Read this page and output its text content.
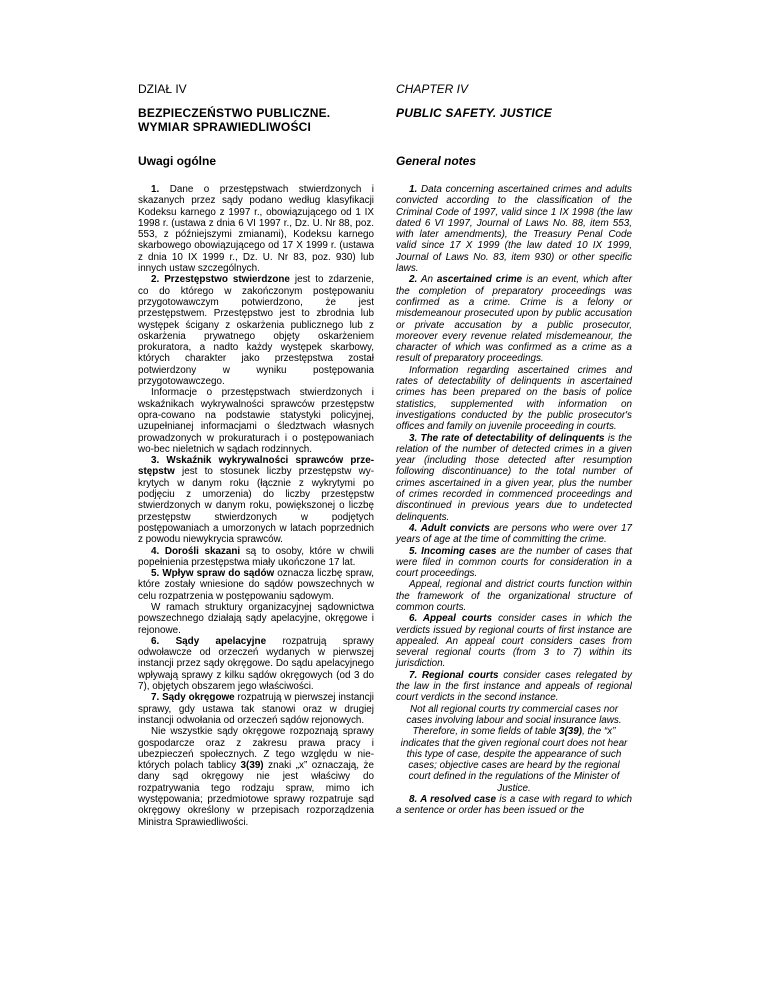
DZIAŁ IV

BEZPIECZEŃSTWO PUBLICZNE.
WYMIAR SPRAWIEDLIWOŚCI

Uwagi ogólne

1. Dane o przestępstwach stwierdzonych i skazanych przez sądy podano według klasyfikacji Kodeksu karnego z 1997 r., obowiązującego od 1 IX 1998 r. (ustawa z dnia 6 VI 1997 r., Dz. U. Nr 88, poz. 553, z późniejszymi zmianami), Kodeksu karnego skarbowego obowiązującego od 17 X 1999 r. (ustawa z dnia 10 IX 1999 r., Dz. U. Nr 83, poz. 930) lub innych ustaw szczególnych.

2. Przestępstwo stwierdzone jest to zdarzenie, co do którego w zakończonym postępowaniu przygotowawczym potwierdzono, że jest przestępstwem. Przestępstwo jest to zbrodnia lub występek ścigany z oskarżenia publicznego lub z oskarżenia prywatnego objęty oskarżeniem prokuratora, a nadto każdy występek skarbowy, których charakter jako przestępstwa został potwierdzony w wyniku postępowania przygotowawczego.

Informacje o przestępstwach stwierdzonych i wskaźnikach wykrywalności sprawców przestępstw opra-cowano na podstawie statystyki policyjnej, uzupełnianej informacjami o śledztwach własnych prowadzonych w prokuraturach i o postępowaniach wo-bec nieletnich w sądach rodzinnych.

3. Wskaźnik wykrywalności sprawców prze-stępstw jest to stosunek liczby przestępstw wy-krytych w danym roku (łącznie z wykrytymi po podjęciu z umorzenia) do liczby przestępstw stwierdzonych w danym roku, powiększonej o liczbę przestępstw stwierdzonych w podjętych postępowaniach a umorzonych w latach poprzednich z powodu niewykrycia sprawców.

4. Dorośli skazani są to osoby, które w chwili popełnienia przestępstwa miały ukończone 17 lat.

5. Wpływ spraw do sądów oznacza liczbę spraw, które zostały wniesione do sądów powszechnych w celu rozpatrzenia w postępowaniu sądowym.

W ramach struktury organizacyjnej sądownictwa powszechnego działają sądy apelacyjne, okręgowe i rejonowe.

6. Sądy apelacyjne rozpatrują sprawy odwoławcze od orzeczeń wydanych w pierwszej instancji przez sądy okręgowe. Do sądu apelacyjnego wpływają sprawy z kilku sądów okręgowych (od 3 do 7), objętych obszarem jego właściwości.

7. Sądy okręgowe rozpatrują w pierwszej instancji sprawy, gdy ustawa tak stanowi oraz w drugiej instancji odwołania od orzeczeń sądów rejonowych.

Nie wszystkie sądy okręgowe rozpoznają sprawy gospodarcze oraz z zakresu prawa pracy i ubezpieczeń społecznych. Z tego względu w nie-których polach tablicy 3(39) znaki „x” oznaczają, że dany sąd okręgowy nie jest właściwy do rozpatrywania tego rodzaju spraw, mimo ich występowania; przedmiotowe sprawy rozpatruje sąd okręgowy określony w przepisach rozporządzenia Ministra Sprawiedliwości.

CHAPTER IV

PUBLIC SAFETY. JUSTICE

General notes

1. Data concerning ascertained crimes and adults convicted according to the classification of the Criminal Code of 1997, valid since 1 IX 1998 (the law dated 6 VI 1997, Journal of Laws No. 88, item 553, with later amendments), the Treasury Penal Code valid since 17 X 1999 (the law dated 10 IX 1999, Journal of Laws No. 83, item 930) or other specific laws.

2. An ascertained crime is an event, which after the completion of preparatory proceedings was confirmed as a crime. Crime is a felony or misdemeanour prosecuted upon by public accusation or private accusation by a public prosecutor, moreover every revenue related misdemeanour, the character of which was confirmed as a crime as a result of preparatory proceedings.

Information regarding ascertained crimes and rates of detectability of delinquents in ascertained crimes has been prepared on the basis of police statistics, supplemented with information on investigations conducted by the public prosecutor's offices and family on juvenile proceeding in courts.

3. The rate of detectability of delinquents is the relation of the number of detected crimes in a given year (including those detected after resumption following discontinuance) to the total number of crimes ascertained in a given year, plus the number of crimes recorded in commenced proceedings and discontinued in previous years due to undetected delinquents.

4. Adult convicts are persons who were over 17 years of age at the time of committing the crime.

5. Incoming cases are the number of cases that were filed in common courts for consideration in a court proceedings.

Appeal, regional and district courts function within the framework of the organizational structure of common courts.

6. Appeal courts consider cases in which the verdicts issued by regional courts of first instance are appealed. An appeal court considers cases from several regional courts (from 3 to 7) within its jurisdiction.

7. Regional courts consider cases relegated by the law in the first instance and appeals of regional court verdicts in the second instance.

Not all regional courts try commercial cases nor cases involving labour and social insurance laws. Therefore, in some fields of table 3(39), the “x” indicates that the given regional court does not hear this type of case, despite the appearance of such cases; objective cases are heard by the regional court defined in the regulations of the Minister of Justice.

8. A resolved case is a case with regard to which a sentence or order has been issued or the
